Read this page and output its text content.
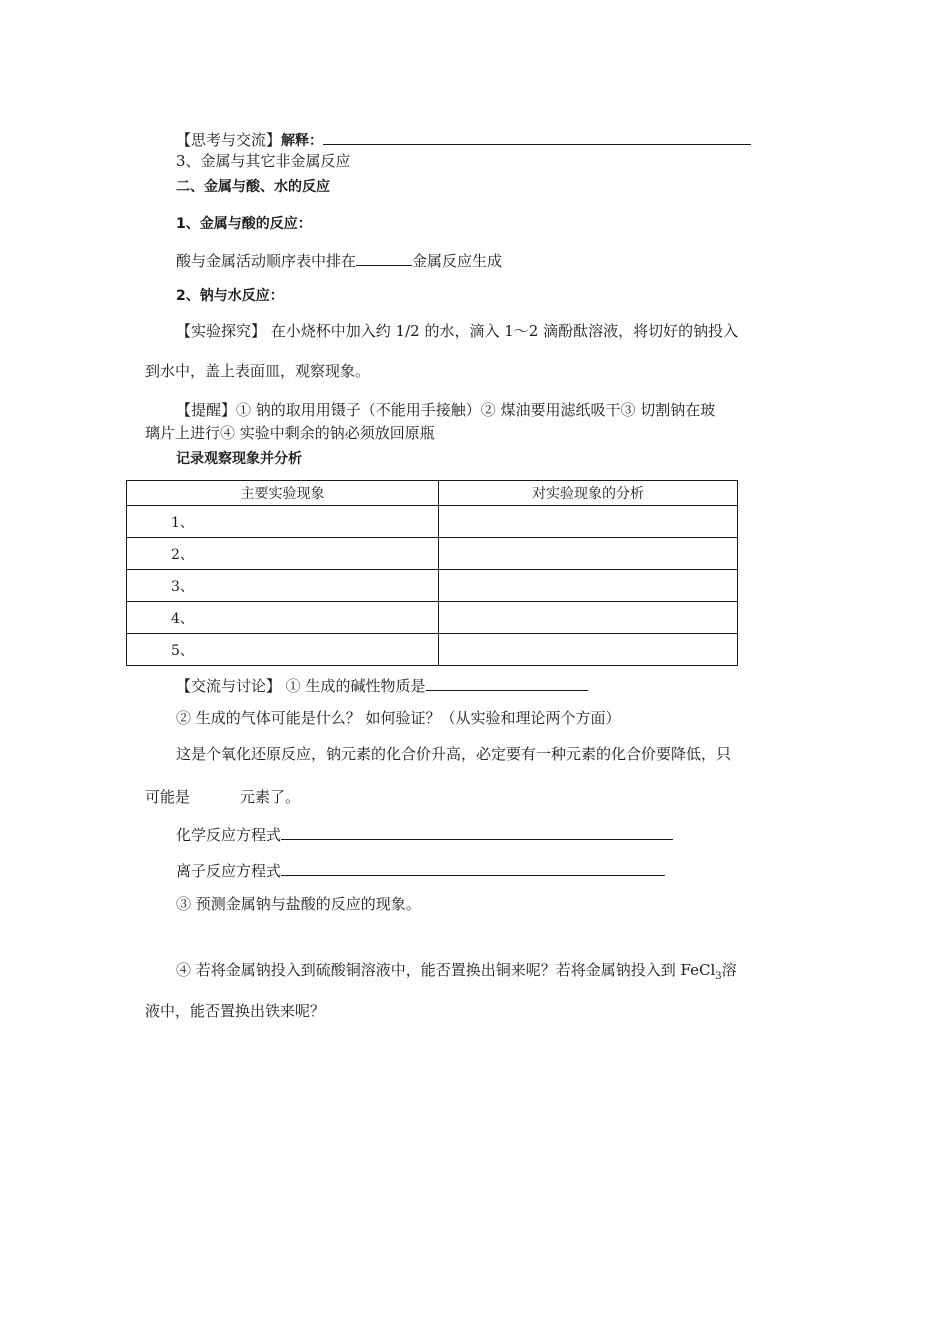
【思考与交流】解释：
3、金属与其它非金属反应
二、金属与酸、水的反应
1、金属与酸的反应：
酸与金属活动顺序表中排在	金属反应生成
2、钠与水反应：
【实验探究】 在小烧杯中加入约 1/2 的水，滴入 1～2 滴酚酞溶液，将切好的钠投入
到水中，盖上表面皿，观察现象。
【提醒】① 钠的取用用镊子（不能用手接触）② 煤油要用滤纸吸干③ 切割钠在玻
璃片上进行④ 实验中剩余的钠必须放回原瓶
记录观察现象并分析
主要实验现象	对实验现象的分析
1、	
2、	
3、	
4、	
5、	
【交流与讨论】 ① 生成的碱性物质是
② 生成的气体可能是什么？ 如何验证？（从实验和理论两个方面）
这是个氧化还原反应，钠元素的化合价升高，必定要有一种元素的化合价要降低，只
可能是	元素了。
化学反应方程式
离子反应方程式
③ 预测金属钠与盐酸的反应的现象。
④ 若将金属钠投入到硫酸铜溶液中，能否置换出铜来呢？若将金属钠投入到 FeCl$_3$溶
液中，能否置换出铁来呢？
